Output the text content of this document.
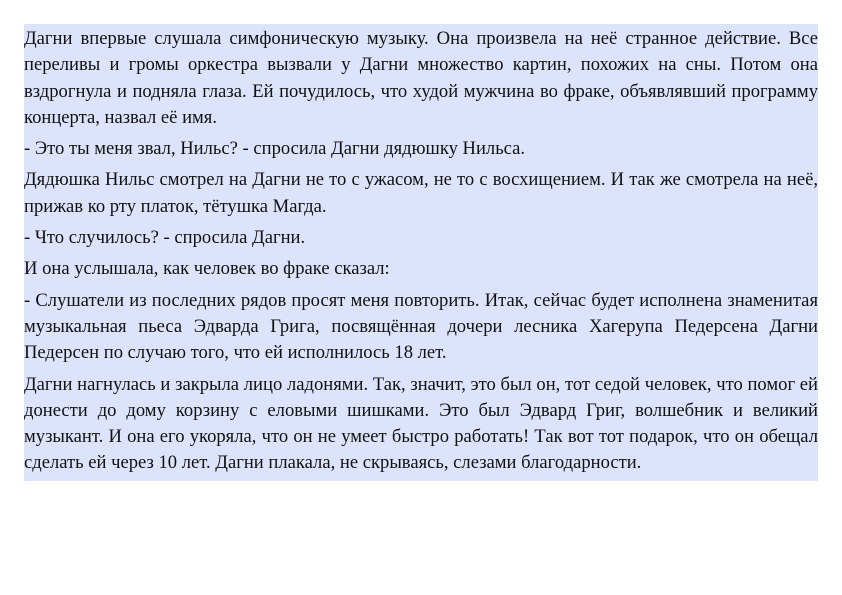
Дагни впервые слушала симфоническую музыку. Она произвела на неё странное действие. Все переливы и громы оркестра вызвали у Дагни множество картин, похожих на сны. Потом она вздрогнула и подняла глаза. Ей почудилось, что худой мужчина во фраке, объявлявший программу концерта, назвал её имя.

- Это ты меня звал, Нильс? - спросила Дагни дядюшку Нильса.

Дядюшка Нильс смотрел на Дагни не то с ужасом, не то с восхищением. И так же смотрела на неё, прижав ко рту платок, тётушка Магда.

- Что случилось? - спросила Дагни.

И она услышала, как человек во фраке сказал:

- Слушатели из последних рядов просят меня повторить. Итак, сейчас будет исполнена знаменитая музыкальная пьеса Эдварда Грига, посвящённая дочери лесника Хагерупа Педерсена Дагни Педерсен по случаю того, что ей исполнилось 18 лет.

Дагни нагнулась и закрыла лицо ладонями. Так, значит, это был он, тот седой человек, что помог ей донести до дому корзину с еловыми шишками. Это был Эдвард Григ, волшебник и великий музыкант. И она его укоряла, что он не умеет быстро работать! Так вот тот подарок, что он обещал сделать ей через 10 лет. Дагни плакала, не скрываясь, слезами благодарности.
